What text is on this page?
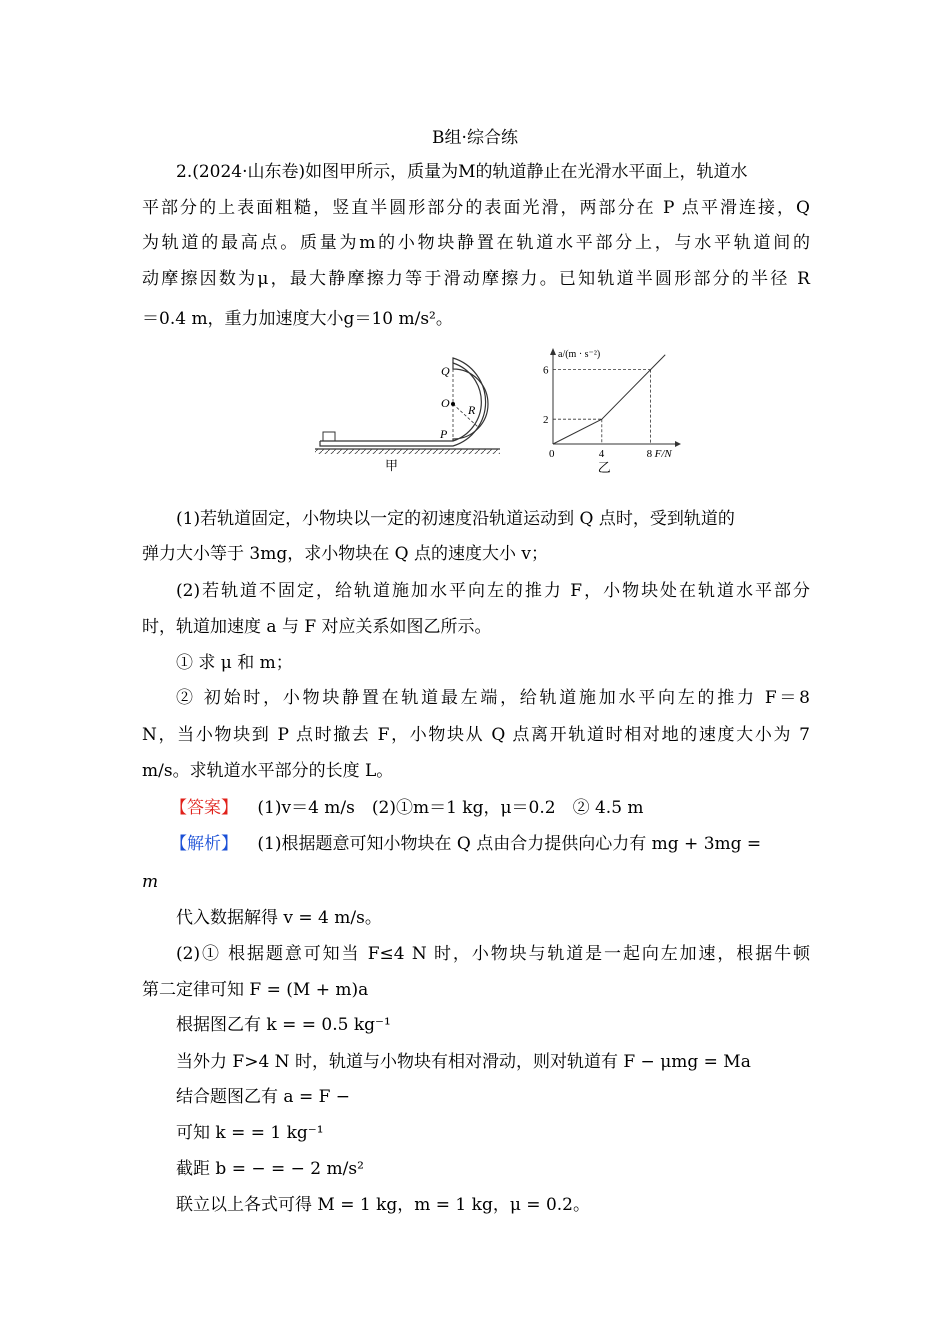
B组·综合练
2.(2024·山东卷)如图甲所示，质量为M的轨道静止在光滑水平面上，轨道水
平部分的上表面粗糙，竖直半圆形部分的表面光滑，两部分在 P 点平滑连接，Q
为轨道的最高点。质量为m的小物块静置在轨道水平部分上，与水平轨道间的
动摩擦因数为μ，最大静摩擦力等于滑动摩擦力。已知轨道半圆形部分的半径 R
＝0.4 m，重力加速度大小g＝10 m/s²。
Q
O R
P
甲
6
2
0	4	8 F/N
a/(m · s⁻²)
乙
(1)若轨道固定，小物块以一定的初速度沿轨道运动到 Q 点时，受到轨道的
弹力大小等于 3mg，求小物块在 Q 点的速度大小 v；
(2)若轨道不固定，给轨道施加水平向左的推力 F，小物块处在轨道水平部分
时，轨道加速度 a 与 F 对应关系如图乙所示。
① 求 μ 和 m；
② 初始时，小物块静置在轨道最左端，给轨道施加水平向左的推力 F＝8
N，当小物块到 P 点时撤去 F，小物块从 Q 点离开轨道时相对地的速度大小为 7
m/s。求轨道水平部分的长度 L。
【答案】 (1)v＝4 m/s　(2)①m＝1 kg，μ＝0.2　② 4.5 m
【解析】 (1)根据题意可知小物块在 Q 点由合力提供向心力有 mg + 3mg =
m
代入数据解得 v = 4 m/s。
(2)① 根据题意可知当 F≤4 N 时，小物块与轨道是一起向左加速，根据牛顿
第二定律可知 F = (M + m)a
根据图乙有 k = = 0.5 kg⁻¹
当外力 F>4 N 时，轨道与小物块有相对滑动，则对轨道有 F − μmg = Ma
结合题图乙有 a = F −
可知 k = = 1 kg⁻¹
截距 b = − = − 2 m/s²
联立以上各式可得 M = 1 kg，m = 1 kg，μ = 0.2。
